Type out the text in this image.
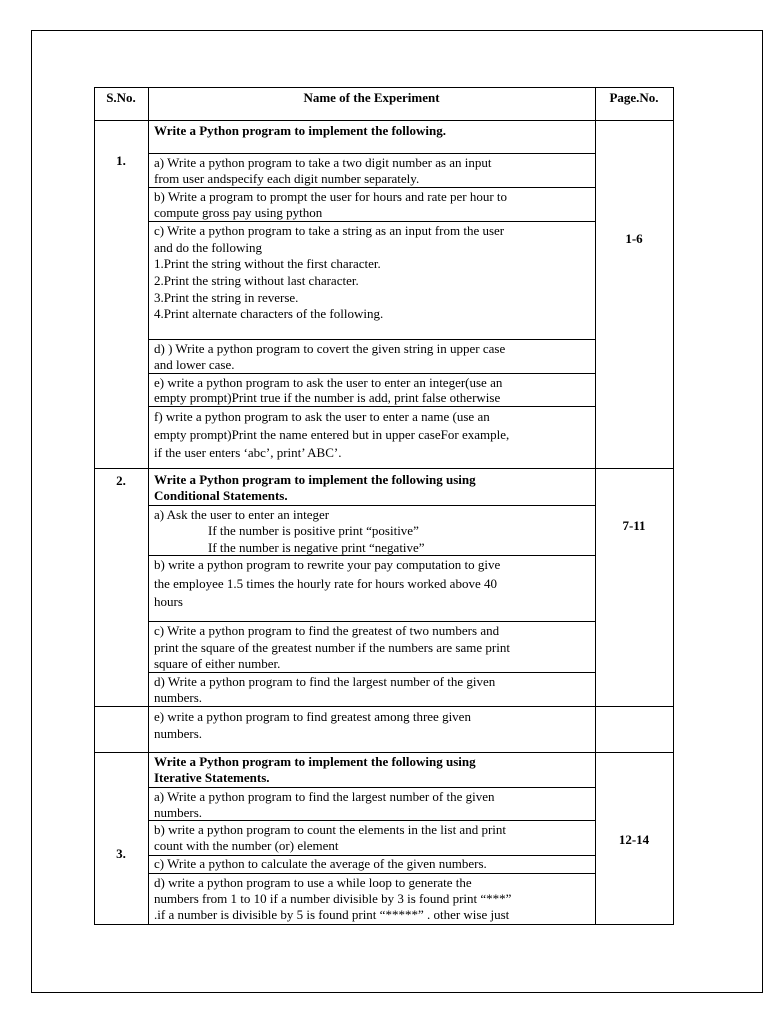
S.No.	Name of the Experiment	Page.No.
1.
1-6
Write a Python program to implement the following.
a) Write a python program to take a two digit number as an input
from user andspecify each digit number separately.
b) Write a program to prompt the user for hours and rate per hour to
compute gross pay using python
c) Write a python program to take a string as an input from the user
and do the following
1.Print the string without the first character.
2.Print the string without last character.
3.Print the string in reverse.
4.Print alternate characters of the following.
d) ) Write a python program to covert the given string in upper case
and lower case.
e) write a python program to ask the user to enter an integer(use an
empty prompt)Print true if the number is add, print false otherwise
f) write a python program to ask the user to enter a name (use an
empty prompt)Print the name entered but in upper caseFor example,
if the user enters ‘abc’, print’ ABC’.
2.
7-11
Write a Python program to implement the following using
Conditional Statements.
a) Ask the user to enter an integer
If the number is positive print “positive”
If the number is negative print “negative”
b) write a python program to rewrite your pay computation to give
the employee 1.5 times the hourly rate for hours worked above 40
hours
c) Write a python program to find the greatest of two numbers and
print the square of the greatest number if the numbers are same print
square of either number.
d) Write a python program to find the largest number of the given
numbers.
e) write a python program to find greatest among three given
numbers.
3.
12-14
Write a Python program to implement the following using
Iterative Statements.
a) Write a python program to find the largest number of the given
numbers.
b) write a python program to count the elements in the list and print
count with the number (or) element
c) Write a python to calculate the average of the given numbers.
d) write a python program to use a while loop to generate the
numbers from 1 to 10 if a number divisible by 3 is found print “***”
.if a number is divisible by 5 is found print “*****” . other wise just
